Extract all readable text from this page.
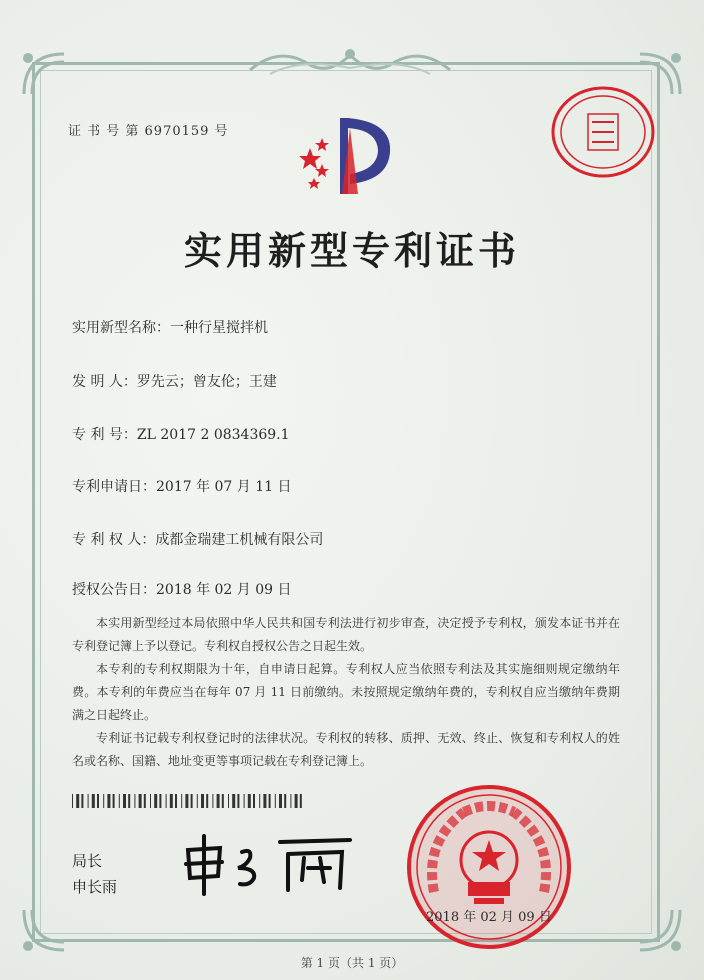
证 书 号 第 6970159 号
实用新型专利证书
实用新型名称：一种行星搅拌机
发 明 人：罗先云；曾友伦；王建
专 利 号：ZL 2017 2 0834369.1
专利申请日：2017 年 07 月 11 日
专 利 权 人：成都金瑞建工机械有限公司
授权公告日：2018 年 02 月 09 日
本实用新型经过本局依照中华人民共和国专利法进行初步审查，决定授予专利权，颁发本证书并在专利登记簿上予以登记。专利权自授权公告之日起生效。
本专利的专利权期限为十年，自申请日起算。专利权人应当依照专利法及其实施细则规定缴纳年费。本专利的年费应当在每年 07 月 11 日前缴纳。未按照规定缴纳年费的，专利权自应当缴纳年费期满之日起终止。
专利证书记载专利权登记时的法律状况。专利权的转移、质押、无效、终止、恢复和专利权人的姓名或名称、国籍、地址变更等事项记载在专利登记簿上。
局长
申长雨
2018 年 02 月 09 日
第 1 页（共 1 页）
